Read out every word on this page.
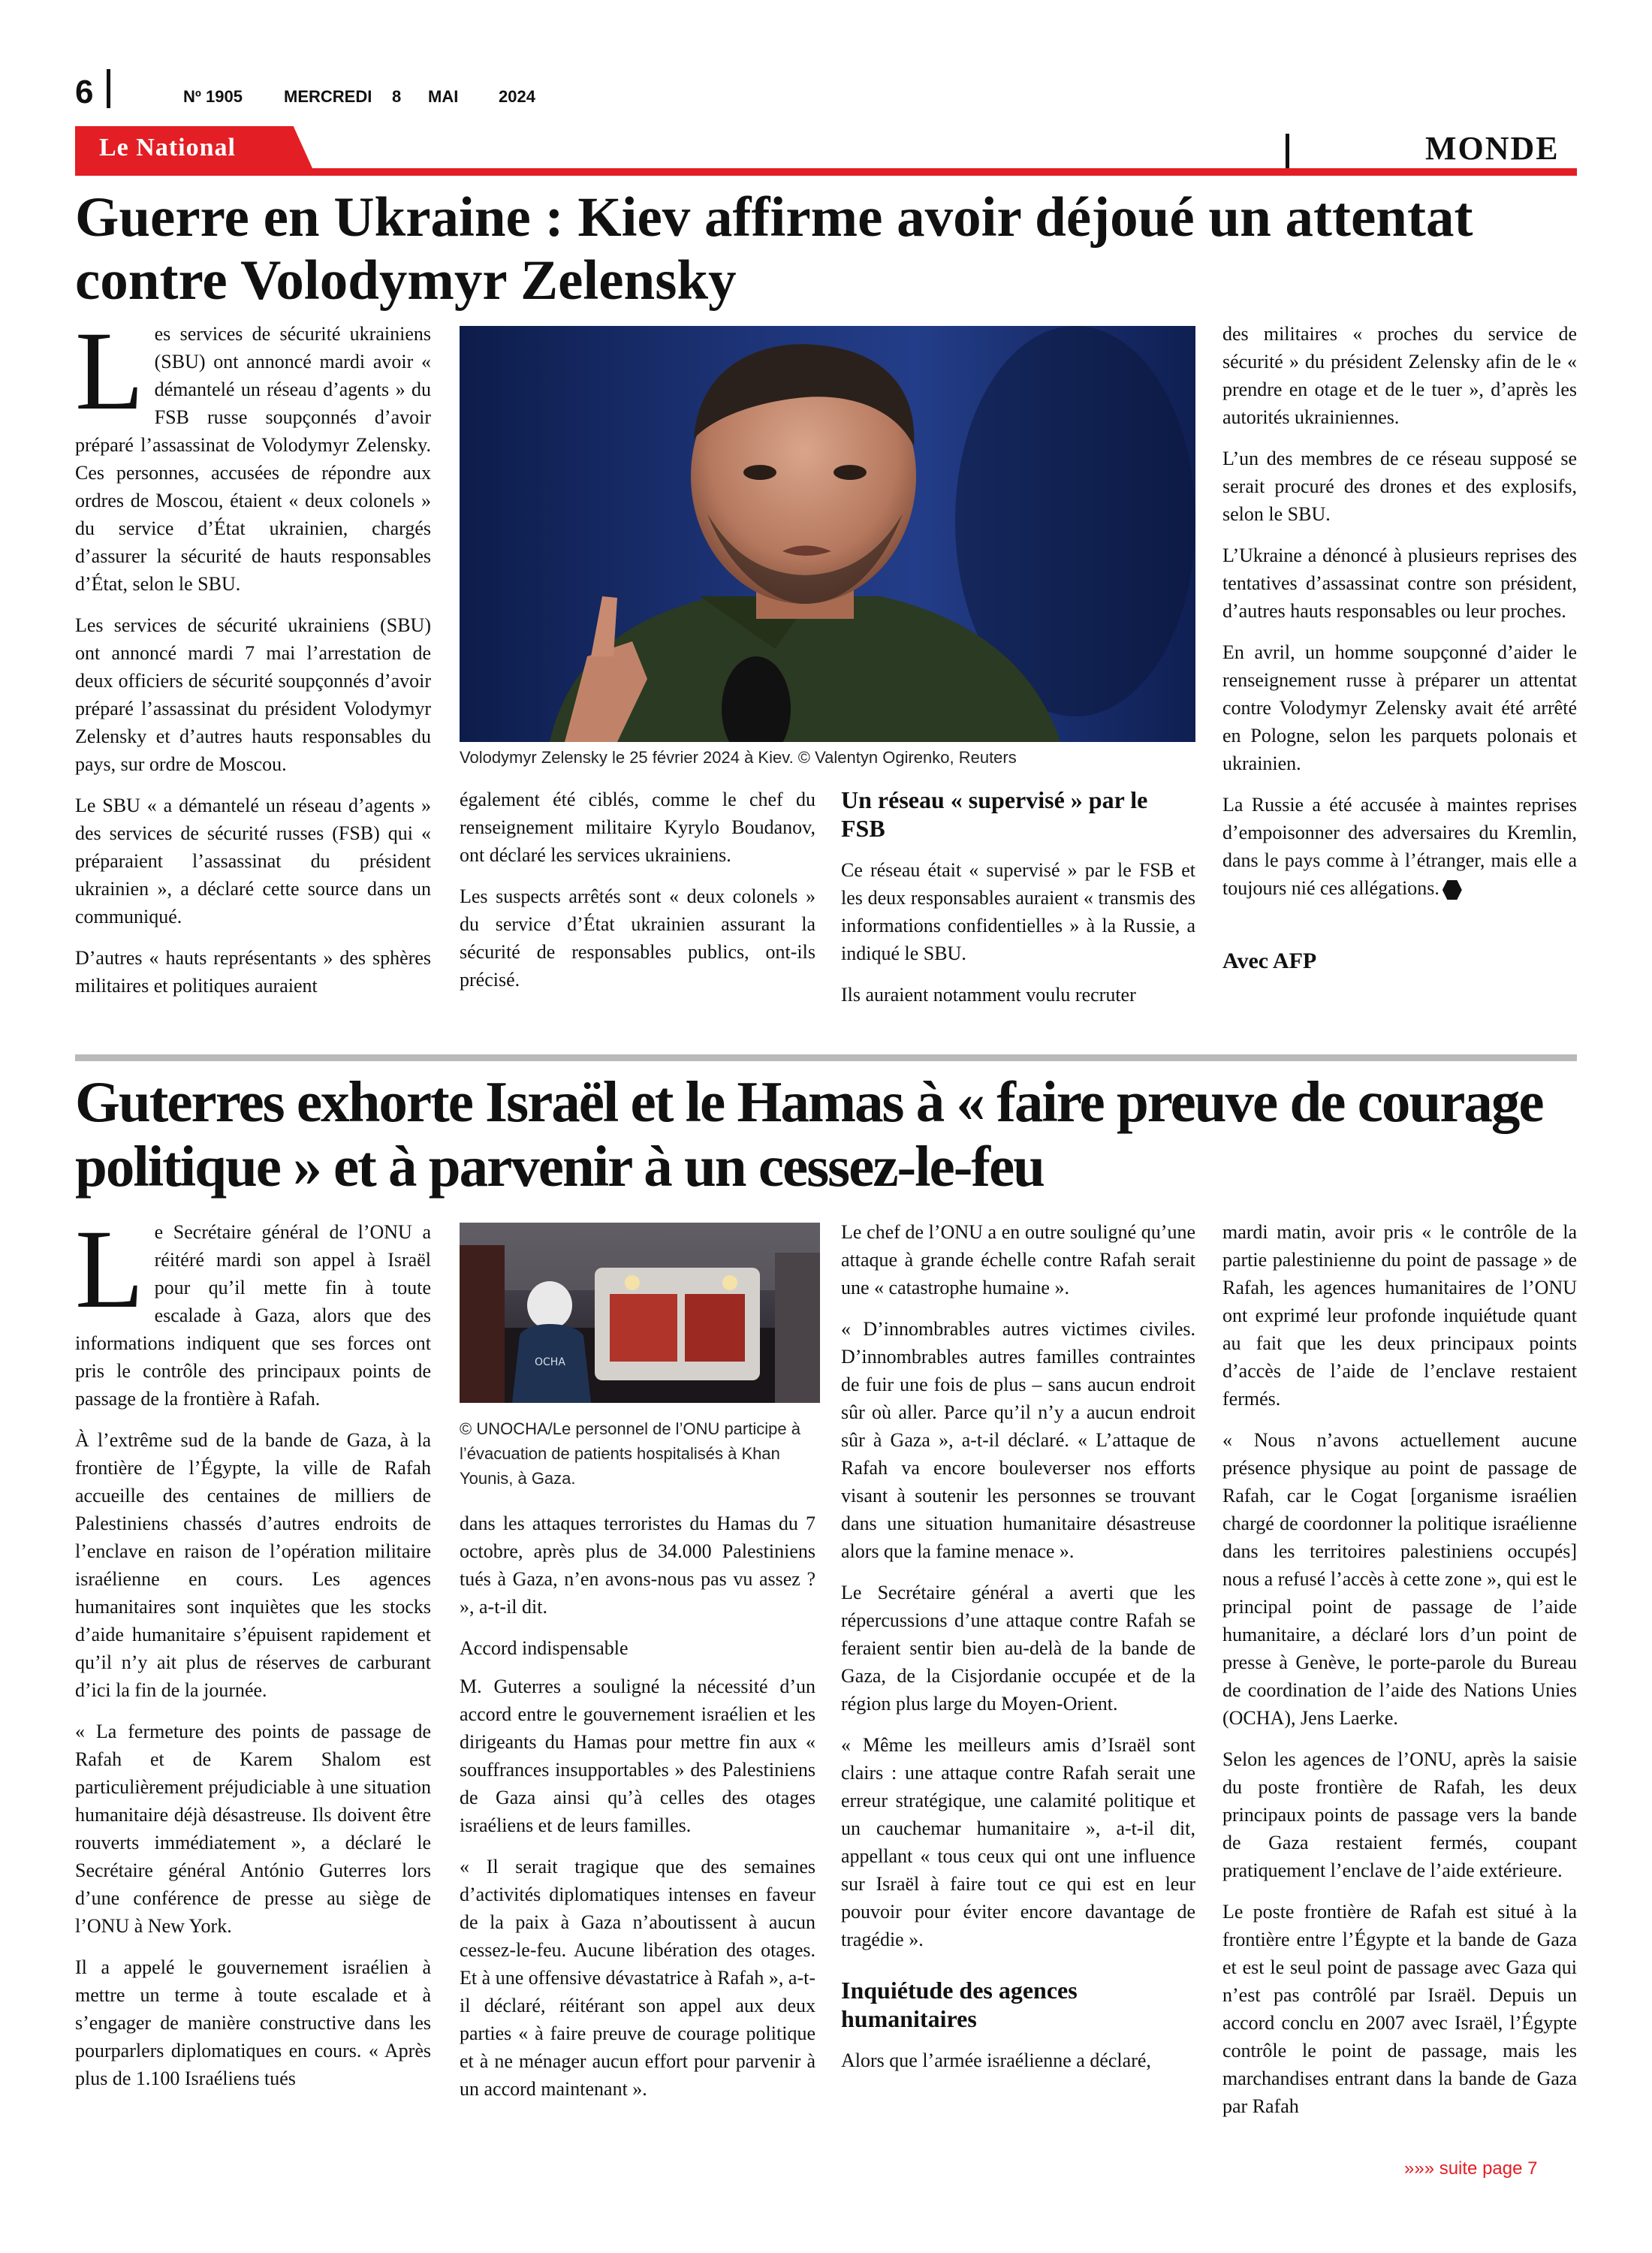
6	Nº 1905	MERCREDI 8 MAI 2024
Le National	MONDE
Guerre en Ukraine : Kiev affirme avoir déjoué un attentat
contre Volodymyr Zelensky

Les services de sécurité ukrainiens (SBU) ont annoncé mardi avoir « démantelé un réseau d’agents » du FSB russe soupçonnés d’avoir préparé l’assassinat de Volodymyr Zelensky. Ces personnes, accusées de répondre aux ordres de Moscou, étaient « deux colonels » du service d’État ukrainien, chargés d’assurer la sécurité de hauts responsables d’État, selon le SBU.

Les services de sécurité ukrainiens (SBU) ont annoncé mardi 7 mai l’arrestation de deux officiers de sécurité soupçonnés d’avoir préparé l’assassinat du président Volodymyr Zelensky et d’autres hauts responsables du pays, sur ordre de Moscou.

Le SBU « a démantelé un réseau d’agents » des services de sécurité russes (FSB) qui « préparaient l’assassinat du président ukrainien », a déclaré cette source dans un communiqué.

D’autres « hauts représentants » des sphères militaires et politiques auraient

Volodymyr Zelensky le 25 février 2024 à Kiev. © Valentyn Ogirenko, Reuters

également été ciblés, comme le chef du renseignement militaire Kyrylo Boudanov, ont déclaré les services ukrainiens.

Les suspects arrêtés sont « deux colonels » du service d’État ukrainien assurant la sécurité de responsables publics, ont-ils précisé.

Un réseau « supervisé » par le FSB

Ce réseau était « supervisé » par le FSB et les deux responsables auraient « transmis des informations confidentielles » à la Russie, a indiqué le SBU.

Ils auraient notamment voulu recruter

des militaires « proches du service de sécurité » du président Zelensky afin de le « prendre en otage et de le tuer », d’après les autorités ukrainiennes.

L’un des membres de ce réseau supposé se serait procuré des drones et des explosifs, selon le SBU.

L’Ukraine a dénoncé à plusieurs reprises des tentatives d’assassinat contre son président, d’autres hauts responsables ou leur proches.

En avril, un homme soupçonné d’aider le renseignement russe à préparer un attentat contre Volodymyr Zelensky avait été arrêté en Pologne, selon les parquets polonais et ukrainien.

La Russie a été accusée à maintes reprises d’empoisonner des adversaires du Kremlin, dans le pays comme à l’étranger, mais elle a toujours nié ces allégations.

Avec AFP
Guterres exhorte Israël et le Hamas à « faire preuve de courage
politique » et à parvenir à un cessez-le-feu

Le Secrétaire général de l’ONU a réitéré mardi son appel à Israël pour qu’il mette fin à toute escalade à Gaza, alors que des informations indiquent que ses forces ont pris le contrôle des principaux points de passage de la frontière à Rafah.

À l’extrême sud de la bande de Gaza, à la frontière de l’Égypte, la ville de Rafah accueille des centaines de milliers de Palestiniens chassés d’autres endroits de l’enclave en raison de l’opération militaire israélienne en cours. Les agences humanitaires sont inquiètes que les stocks d’aide humanitaire s’épuisent rapidement et qu’il n’y ait plus de réserves de carburant d’ici la fin de la journée.

« La fermeture des points de passage de Rafah et de Karem Shalom est particulièrement préjudiciable à une situation humanitaire déjà désastreuse. Ils doivent être rouverts immédiatement », a déclaré le Secrétaire général António Guterres lors d’une conférence de presse au siège de l’ONU à New York.

Il a appelé le gouvernement israélien à mettre un terme à toute escalade et à s’engager de manière constructive dans les pourparlers diplomatiques en cours. « Après plus de 1.100 Israéliens tués

OCHA
© UNOCHA/Le personnel de l’ONU participe à l’évacuation de patients hospitalisés à Khan Younis, à Gaza.

dans les attaques terroristes du Hamas du 7 octobre, après plus de 34.000 Palestiniens tués à Gaza, n’en avons-nous pas vu assez ? », a-t-il dit.

Accord indispensable

M. Guterres a souligné la nécessité d’un accord entre le gouvernement israélien et les dirigeants du Hamas pour mettre fin aux « souffrances insupportables » des Palestiniens de Gaza ainsi qu’à celles des otages israéliens et de leurs familles.

« Il serait tragique que des semaines d’activités diplomatiques intenses en faveur de la paix à Gaza n’aboutissent à aucun cessez-le-feu. Aucune libération des otages. Et à une offensive dévastatrice à Rafah », a-t-il déclaré, réitérant son appel aux deux parties « à faire preuve de courage politique et à ne ménager aucun effort pour parvenir à un accord maintenant ».

Le chef de l’ONU a en outre souligné qu’une attaque à grande échelle contre Rafah serait une « catastrophe humaine ».

« D’innombrables autres victimes civiles. D’innombrables autres familles contraintes de fuir une fois de plus – sans aucun endroit sûr où aller. Parce qu’il n’y a aucun endroit sûr à Gaza », a-t-il déclaré. « L’attaque de Rafah va encore bouleverser nos efforts visant à soutenir les personnes se trouvant dans une situation humanitaire désastreuse alors que la famine menace ».

Le Secrétaire général a averti que les répercussions d’une attaque contre Rafah se feraient sentir bien au-delà de la bande de Gaza, de la Cisjordanie occupée et de la région plus large du Moyen-Orient.

« Même les meilleurs amis d’Israël sont clairs : une attaque contre Rafah serait une erreur stratégique, une calamité politique et un cauchemar humanitaire », a-t-il dit, appellant « tous ceux qui ont une influence sur Israël à faire tout ce qui est en leur pouvoir pour éviter encore davantage de tragédie ».

Inquiétude des agences humanitaires

Alors que l’armée israélienne a déclaré,

mardi matin, avoir pris « le contrôle de la partie palestinienne du point de passage » de Rafah, les agences humanitaires de l’ONU ont exprimé leur profonde inquiétude quant au fait que les deux principaux points d’accès de l’aide de l’enclave restaient fermés.

« Nous n’avons actuellement aucune présence physique au point de passage de Rafah, car le Cogat [organisme israélien chargé de coordonner la politique israélienne dans les territoires palestiniens occupés] nous a refusé l’accès à cette zone », qui est le principal point de passage de l’aide humanitaire, a déclaré lors d’un point de presse à Genève, le porte-parole du Bureau de coordination de l’aide des Nations Unies (OCHA), Jens Laerke.

Selon les agences de l’ONU, après la saisie du poste frontière de Rafah, les deux principaux points de passage vers la bande de Gaza restaient fermés, coupant pratiquement l’enclave de l’aide extérieure.

Le poste frontière de Rafah est situé à la frontière entre l’Égypte et la bande de Gaza et est le seul point de passage avec Gaza qui n’est pas contrôlé par Israël. Depuis un accord conclu en 2007 avec Israël, l’Égypte contrôle le point de passage, mais les marchandises entrant dans la bande de Gaza par Rafah

»»» suite page 7
